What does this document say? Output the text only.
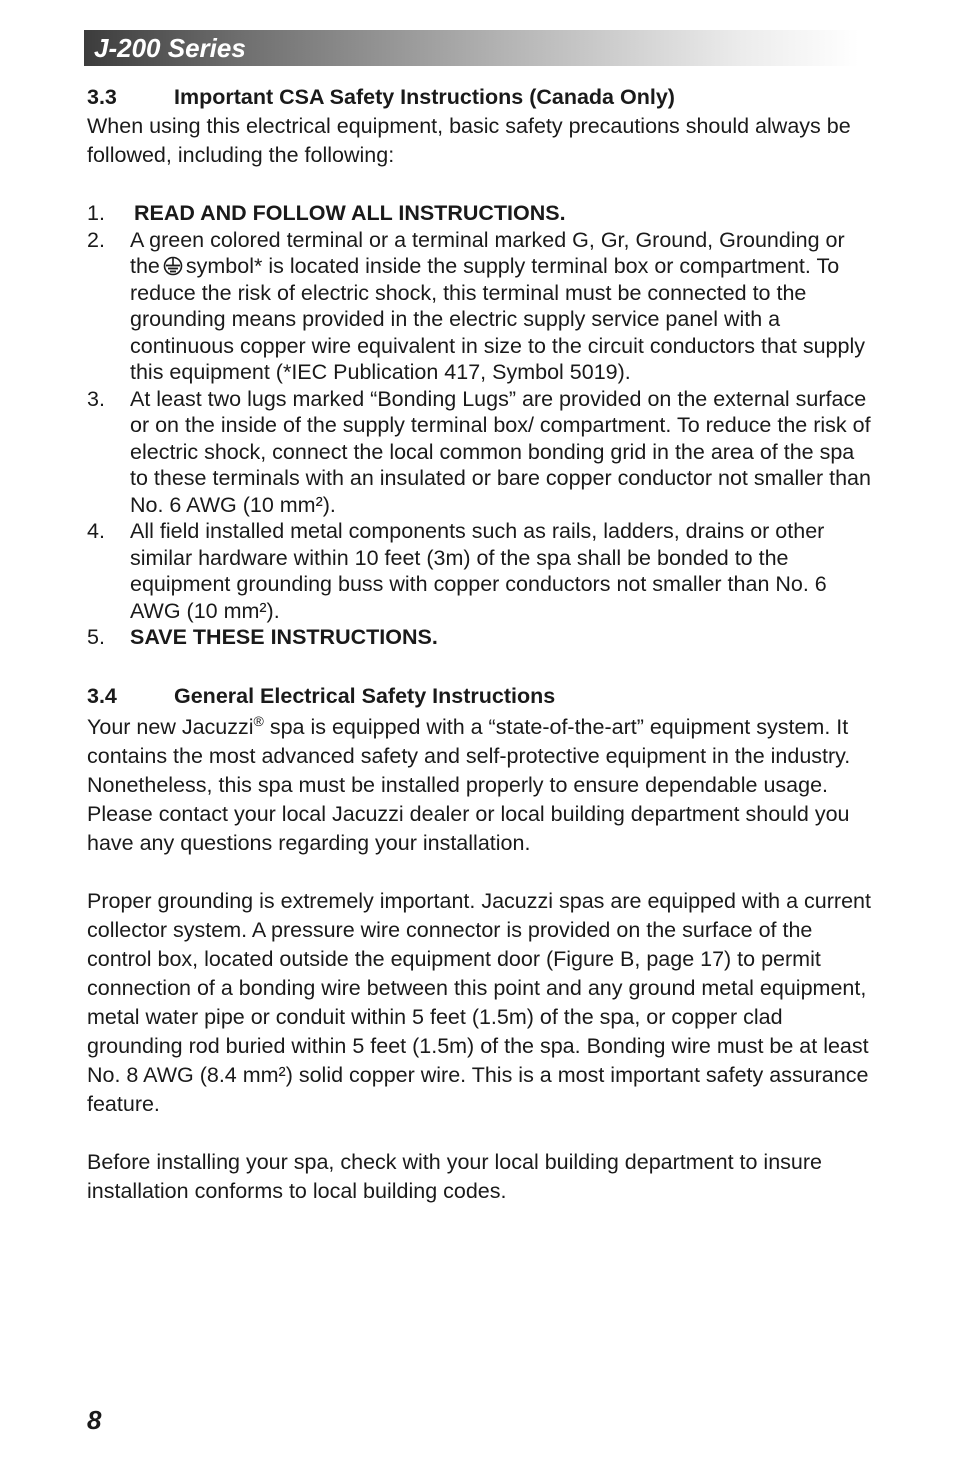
J-200 Series
3.3	Important CSA Safety Instructions (Canada Only)

When using this electrical equipment, basic safety precautions should always be followed, including the following:

1. READ AND FOLLOW ALL INSTRUCTIONS.
2. A green colored terminal or a terminal marked G, Gr, Ground, Grounding or the symbol* is located inside the supply terminal box or compartment. To reduce the risk of electric shock, this terminal must be connected to the grounding means provided in the electric supply service panel with a continuous copper wire equivalent in size to the circuit conductors that supply this equipment (*IEC Publication 417, Symbol 5019).
3. At least two lugs marked “Bonding Lugs” are provided on the external surface or on the inside of the supply terminal box/ compartment. To reduce the risk of electric shock, connect the local common bonding grid in the area of the spa to these terminals with an insulated or bare copper conductor not smaller than No. 6 AWG (10 mm²).
4. All field installed metal components such as rails, ladders, drains or other similar hardware within 10 feet (3m) of the spa shall be bonded to the equipment grounding buss with copper conductors not smaller than No. 6 AWG (10 mm²).
5. SAVE THESE INSTRUCTIONS.
3.4	General Electrical Safety Instructions

Your new Jacuzzi® spa is equipped with a “state-of-the-art” equipment system. It contains the most advanced safety and self-protective equipment in the industry. Nonetheless, this spa must be installed properly to ensure dependable usage. Please contact your local Jacuzzi dealer or local building department should you have any questions regarding your installation.

Proper grounding is extremely important. Jacuzzi spas are equipped with a current collector system. A pressure wire connector is provided on the surface of the control box, located outside the equipment door (Figure B, page 17) to permit connection of a bonding wire between this point and any ground metal equipment, metal water pipe or conduit within 5 feet (1.5m) of the spa, or copper clad grounding rod buried within 5 feet (1.5m) of the spa. Bonding wire must be at least No. 8 AWG (8.4 mm²) solid copper wire. This is a most important safety assurance feature.

Before installing your spa, check with your local building department to insure installation conforms to local building codes.

8
